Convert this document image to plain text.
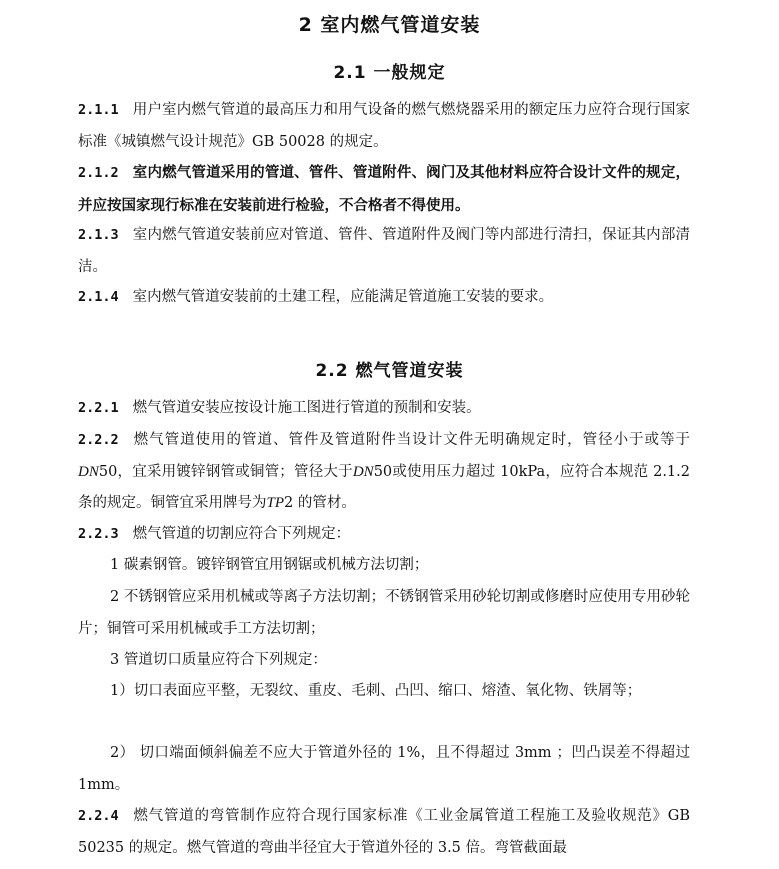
2 室内燃气管道安装
2.1 一般规定
2.1.1 用户室内燃气管道的最高压力和用气设备的燃气燃烧器采用的额定压力应符合现行国家标准《城镇燃气设计规范》GB 50028 的规定。
2.1.2 室内燃气管道采用的管道、管件、管道附件、阀门及其他材料应符合设计文件的规定，并应按国家现行标准在安装前进行检验，不合格者不得使用。
2.1.3 室内燃气管道安装前应对管道、管件、管道附件及阀门等内部进行清扫，保证其内部清洁。
2.1.4 室内燃气管道安装前的土建工程，应能满足管道施工安装的要求。
2.2 燃气管道安装
2.2.1 燃气管道安装应按设计施工图进行管道的预制和安装。
2.2.2 燃气管道使用的管道、管件及管道附件当设计文件无明确规定时，管径小于或等于DN50，宜采用镀锌钢管或铜管；管径大于DN50或使用压力超过 10kPa，应符合本规范 2.1.2 条的规定。铜管宜采用牌号为TP2 的管材。
2.2.3 燃气管道的切割应符合下列规定：
1 碳素钢管。镀锌钢管宜用钢锯或机械方法切割；
2 不锈钢管应采用机械或等离子方法切割；不锈钢管采用砂轮切割或修磨时应使用专用砂轮片；铜管可采用机械或手工方法切割；
3 管道切口质量应符合下列规定：
1）切口表面应平整，无裂纹、重皮、毛刺、凸凹、缩口、熔渣、氧化物、铁屑等；
2） 切口端面倾斜偏差不应大于管道外径的 1%，且不得超过 3mm ；凹凸误差不得超过 1mm。
2.2.4 燃气管道的弯管制作应符合现行国家标准《工业金属管道工程施工及验收规范》GB 50235 的规定。燃气管道的弯曲半径宜大于管道外径的 3.5 倍。弯管截面最
